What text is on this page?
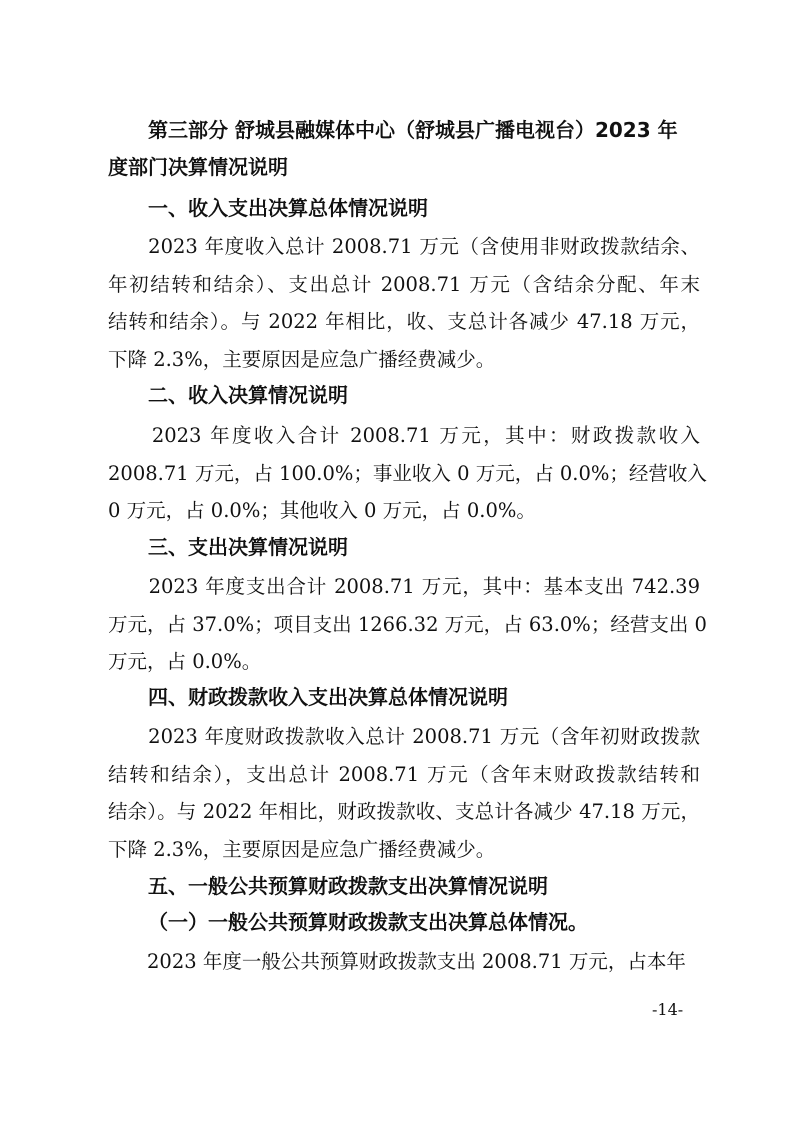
第三部分 舒城县融媒体中心（舒城县广播电视台）2023 年
度部门决算情况说明
一、收入支出决算总体情况说明
　　2023 年度收入总计 2008.71 万元（含使用非财政拨款结余、
年初结转和结余）、支出总计 2008.71 万元（含结余分配、年末
结转和结余）。与 2022 年相比，收、支总计各减少 47.18 万元，
下降 2.3%，主要原因是应急广播经费减少。
二、收入决算情况说明
　　2023 年度收入合计 2008.71 万元，其中：财政拨款收入
2008.71 万元，占 100.0%；事业收入 0 万元，占 0.0%；经营收入
0 万元，占 0.0%；其他收入 0 万元，占 0.0%。
三、支出决算情况说明
　　2023 年度支出合计 2008.71 万元，其中：基本支出 742.39
万元，占 37.0%；项目支出 1266.32 万元，占 63.0%；经营支出 0
万元，占 0.0%。
四、财政拨款收入支出决算总体情况说明
　　2023 年度财政拨款收入总计 2008.71 万元（含年初财政拨款
结转和结余），支出总计 2008.71 万元（含年末财政拨款结转和
结余）。与 2022 年相比，财政拨款收、支总计各减少 47.18 万元，
下降 2.3%，主要原因是应急广播经费减少。
五、一般公共预算财政拨款支出决算情况说明
（一）一般公共预算财政拨款支出决算总体情况。
　　2023 年度一般公共预算财政拨款支出 2008.71 万元，占本年
-14-
